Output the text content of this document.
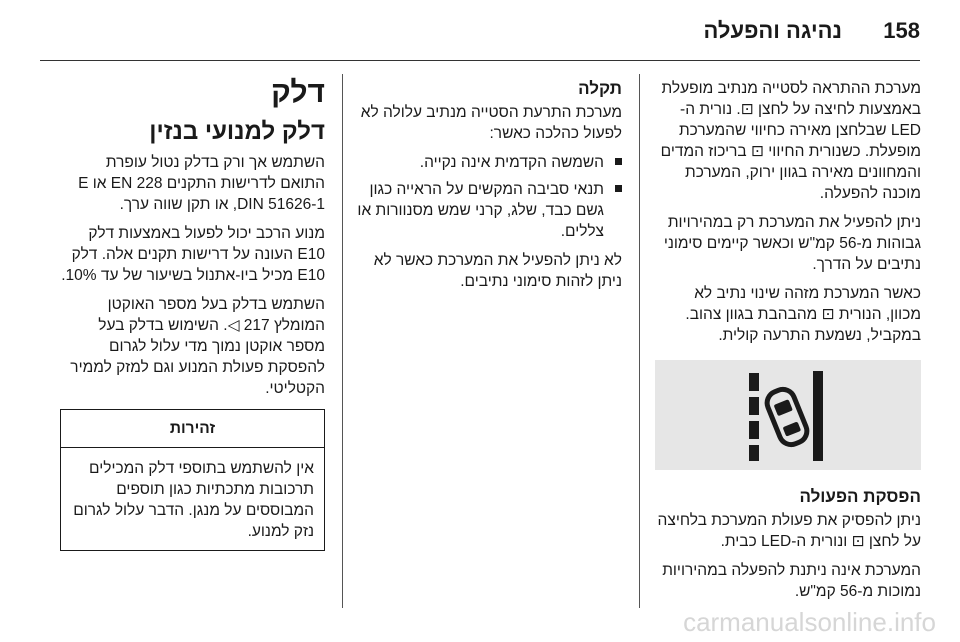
158
נהיגה והפעלה
דלק
דלק למנועי בנזין

השתמש אך ורק בדלק נטול עופרת התואם לדרישות התקנים EN 228 או E DIN 51626-1, או תקן שווה ערך.

מנוע הרכב יכול לפעול באמצעות דלק E10 העונה על דרישות תקנים אלה. דלק E10 מכיל ביו-אתנול בשיעור של עד 10%.

השתמש בדלק בעל מספר האוקטן המומלץ ‏217 ◁. השימוש בדלק בעל מספר אוקטן נמוך מדי עלול לגרום להפסקת פעולת המנוע וגם למזק לממיר הקטליטי.

זהירות
אין להשתמש בתוספי דלק המכילים תרכובות מתכתיות כגון תוספים המבוססים על מנגן. הדבר עלול לגרום נזק למנוע.
תקלה

מערכת התרעת הסטייה מנתיב עלולה לא לפעול כהלכה כאשר:

השמשה הקדמית אינה נקייה.
תנאי סביבה המקשים על הראייה כגון גשם כבד, שלג, קרני שמש מסנוורות או צללים.

לא ניתן להפעיל את המערכת כאשר לא ניתן לזהות סימוני נתיבים.

מערכת ההתראה לסטייה מנתיב מופעלת באמצעות לחיצה על לחצן ⊡. נורית ה-LED שבלחצן מאירה כחיווי שהמערכת מופעלת. כשנורית החיווי ⊡ בריכוז המדים והמחוונים מאירה בגוון ירוק, המערכת מוכנה להפעלה.

ניתן להפעיל את המערכת רק במהירויות גבוהות מ-56 קמ"ש וכאשר קיימים סימוני נתיבים על הדרך.

כאשר המערכת מזהה שינוי נתיב לא מכוון, הנורית ⊡ מהבהבת בגוון צהוב. במקביל, נשמעת התרעה קולית.

הפסקת הפעולה

ניתן להפסיק את פעולת המערכת בלחיצה על לחצן ⊡ ונורית ה-LED כבית.

המערכת אינה ניתנת להפעלה במהירויות נמוכות מ-56 קמ"ש.

carmanualsonline.info
